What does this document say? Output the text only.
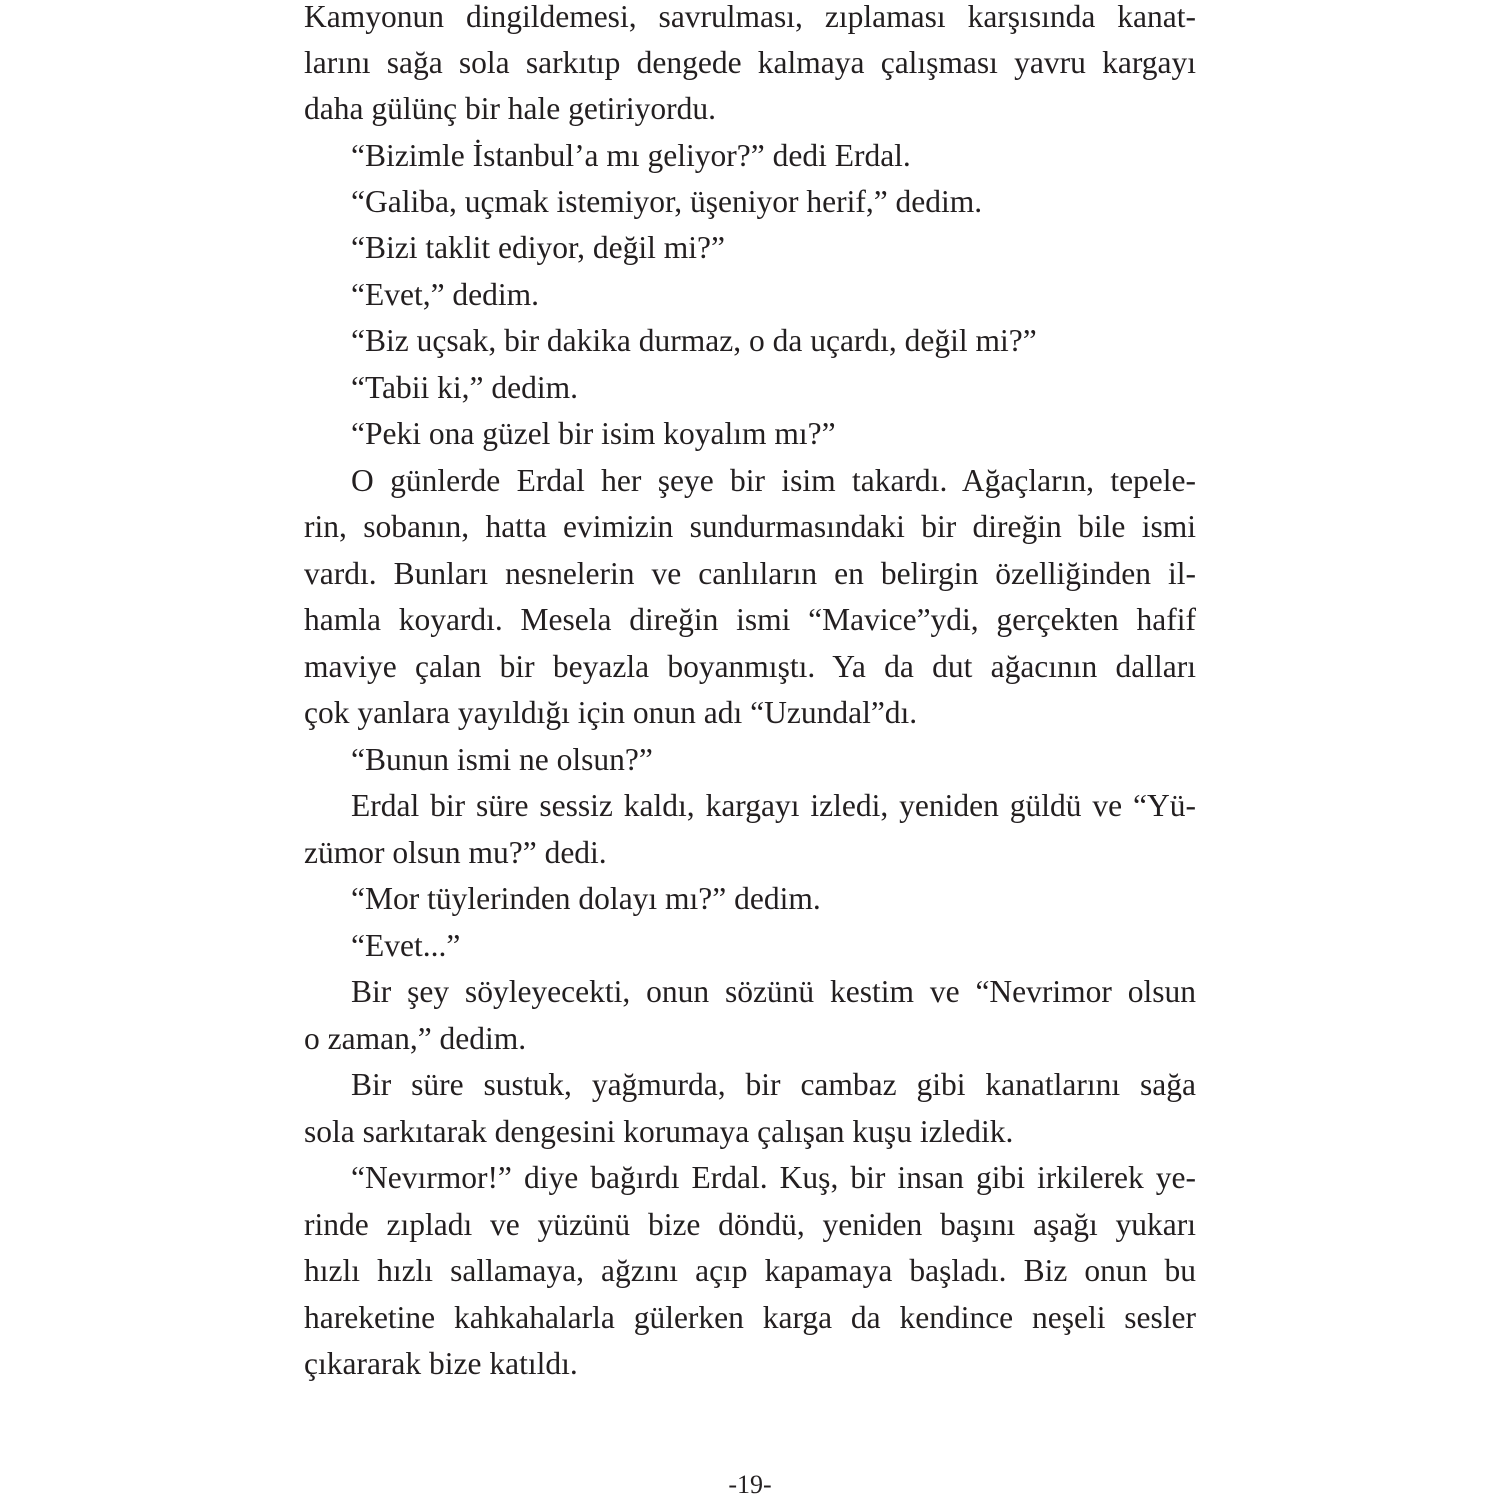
Kamyonun dingildemesi, savrulması, zıplaması karşısında kanat-
larını sağa sola sarkıtıp dengede kalmaya çalışması yavru kargayı
daha gülünç bir hale getiriyordu.
“Bizimle İstanbul’a mı geliyor?” dedi Erdal.
“Galiba, uçmak istemiyor, üşeniyor herif,” dedim.
“Bizi taklit ediyor, değil mi?”
“Evet,” dedim.
“Biz uçsak, bir dakika durmaz, o da uçardı, değil mi?”
“Tabii ki,” dedim.
“Peki ona güzel bir isim koyalım mı?”
O günlerde Erdal her şeye bir isim takardı. Ağaçların, tepele-
rin, sobanın, hatta evimizin sundurmasındaki bir direğin bile ismi
vardı. Bunları nesnelerin ve canlıların en belirgin özelliğinden il-
hamla koyardı. Mesela direğin ismi “Mavice”ydi, gerçekten hafif
maviye çalan bir beyazla boyanmıştı. Ya da dut ağacının dalları
çok yanlara yayıldığı için onun adı “Uzundal”dı.
“Bunun ismi ne olsun?”
Erdal bir süre sessiz kaldı, kargayı izledi, yeniden güldü ve “Yü-
zümor olsun mu?” dedi.
“Mor tüylerinden dolayı mı?” dedim.
“Evet...”
Bir şey söyleyecekti, onun sözünü kestim ve “Nevrimor olsun
o zaman,” dedim.
Bir süre sustuk, yağmurda, bir cambaz gibi kanatlarını sağa
sola sarkıtarak dengesini korumaya çalışan kuşu izledik.
“Nevırmor!” diye bağırdı Erdal. Kuş, bir insan gibi irkilerek ye-
rinde zıpladı ve yüzünü bize döndü, yeniden başını aşağı yukarı
hızlı hızlı sallamaya, ağzını açıp kapamaya başladı. Biz onun bu
hareketine kahkahalarla gülerken karga da kendince neşeli sesler
çıkararak bize katıldı.
-19-
